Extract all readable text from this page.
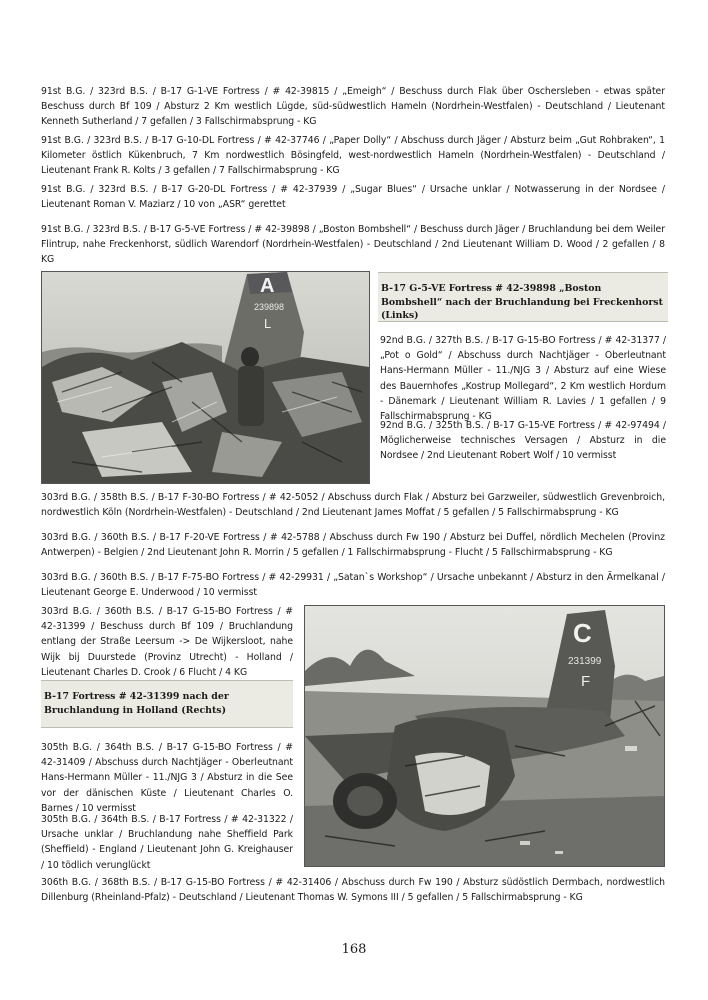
91st B.G. / 323rd B.S. / B-17 G-1-VE Fortress / # 42-39815 / „Emeigh“ / Beschuss durch Flak über Oschersleben - etwas später Beschuss durch Bf 109 / Absturz 2 Km westlich Lügde, süd-südwestlich Hameln (Nordrhein-Westfalen) - Deutschland / Lieutenant Kenneth Sutherland / 7 gefallen / 3 Fallschirmabsprung - KG

91st B.G. / 323rd B.S. / B-17 G-10-DL Fortress / # 42-37746 / „Paper Dolly“ / Abschuss durch Jäger / Absturz beim „Gut Rohbraken“, 1 Kilometer östlich Kükenbruch, 7 Km nordwestlich Bösingfeld, west-nordwestlich Hameln (Nordrhein-Westfalen) - Deutschland / Lieutenant Frank R. Kolts / 3 gefallen / 7 Fallschirmabsprung - KG

91st B.G. / 323rd B.S. / B-17 G-20-DL Fortress / # 42-37939 / „Sugar Blues“ / Ursache unklar / Notwasserung in der Nordsee / Lieutenant Roman V. Maziarz / 10 von „ASR“ gerettet

91st B.G. / 323rd B.S. / B-17 G-5-VE Fortress / # 42-39898 / „Boston Bombshell“ / Beschuss durch Jäger / Bruchlandung bei dem Weiler Flintrup, nahe Freckenhorst, südlich Warendorf (Nordrhein-Westfalen) - Deutschland / 2nd Lieutenant William D. Wood / 2 gefallen / 8 KG

A
239898
L
B-17 G-5-VE Fortress # 42-39898 „Boston Bombshell“ nach der Bruchlandung bei Freckenhorst (Links)

92nd B.G. / 327th B.S. / B-17 G-15-BO Fortress / # 42-31377 / „Pot o Gold“ / Abschuss durch Nachtjäger - Oberleutnant Hans-Hermann Müller - 11./NJG 3 / Absturz auf eine Wiese des Bauernhofes „Kostrup Mollegard“, 2 Km westlich Hordum - Dänemark / Lieutenant William R. Lavies / 1 gefallen / 9 Fallschirmabsprung - KG

92nd B.G. / 325th B.S. / B-17 G-15-VE Fortress / # 42-97494 / Möglicherweise technisches Versagen / Absturz in die Nordsee / 2nd Lieutenant Robert Wolf / 10 vermisst

303rd B.G. / 358th B.S. / B-17 F-30-BO Fortress / # 42-5052 / Abschuss durch Flak / Absturz bei Garzweiler, südwestlich Grevenbroich, nordwestlich Köln (Nordrhein-Westfalen) - Deutschland / 2nd Lieutenant James Moffat / 5 gefallen / 5 Fallschirmabsprung - KG

303rd B.G. / 360th B.S. / B-17 F-20-VE Fortress / # 42-5788 / Abschuss durch Fw 190 / Absturz bei Duffel, nördlich Mechelen (Provinz Antwerpen) - Belgien / 2nd Lieutenant John R. Morrin / 5 gefallen / 1 Fallschirmabsprung - Flucht / 5 Fallschirmabsprung - KG

303rd B.G. / 360th B.S. / B-17 F-75-BO Fortress / # 42-29931 / „Satan`s Workshop“ / Ursache unbekannt / Absturz in den Ärmelkanal / Lieutenant George E. Underwood / 10 vermisst

303rd B.G. / 360th B.S. / B-17 G-15-BO Fortress / # 42-31399 / Beschuss durch Bf 109 / Bruchlandung entlang der Straße Leersum -> De Wijkersloot, nahe Wijk bij Duurstede (Provinz Utrecht) - Holland / Lieutenant Charles D. Crook / 6 Flucht / 4 KG

B-17 Fortress # 42-31399 nach der Bruchlandung in Holland (Rechts)

305th B.G. / 364th B.S. / B-17 G-15-BO Fortress / # 42-31409 / Abschuss durch Nachtjäger - Oberleutnant Hans-Hermann Müller - 11./NJG 3 / Absturz in die See vor der dänischen Küste / Lieutenant Charles O. Barnes / 10 vermisst

305th B.G. / 364th B.S. / B-17 Fortress / # 42-31322 / Ursache unklar / Bruchlandung nahe Sheffield Park (Sheffield) - England / Lieutenant John G. Kreighauser / 10 tödlich verunglückt

C
231399
F

306th B.G. / 368th B.S. / B-17 G-15-BO Fortress / # 42-31406 / Abschuss durch Fw 190 / Absturz südöstlich Dermbach, nordwestlich Dillenburg (Rheinland-Pfalz) - Deutschland / Lieutenant Thomas W. Symons III / 5 gefallen / 5 Fallschirmabsprung - KG

168
